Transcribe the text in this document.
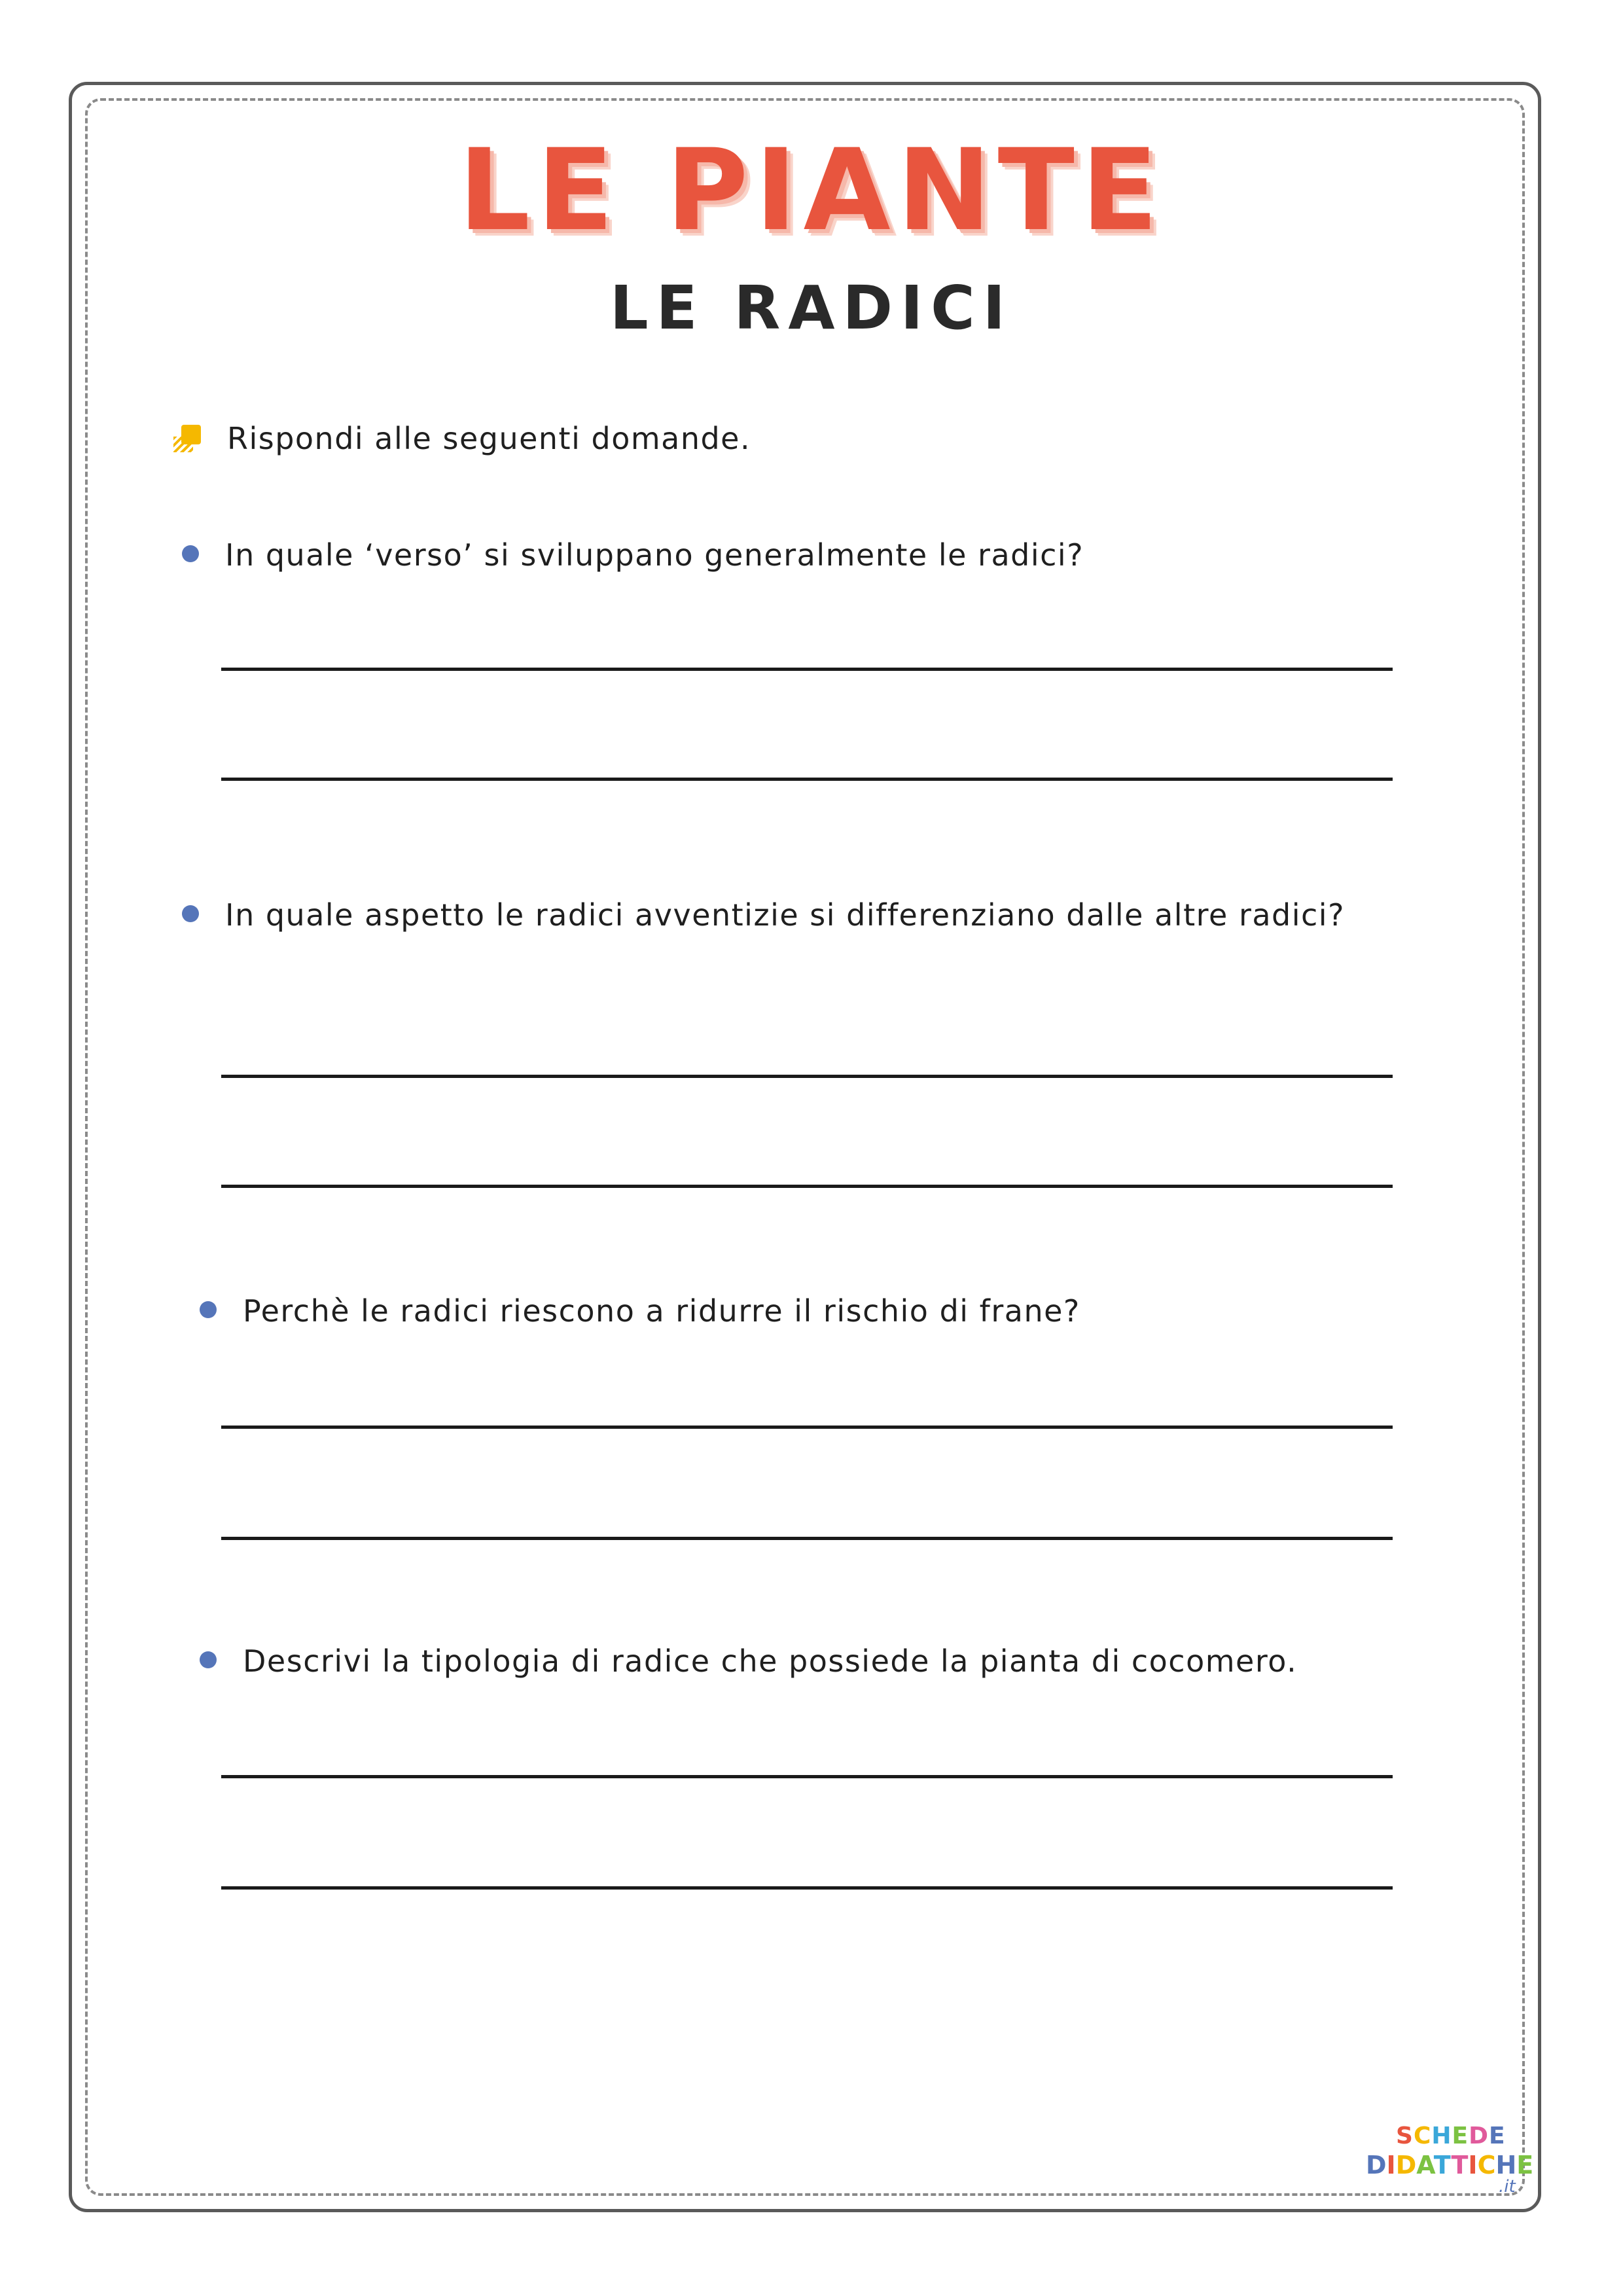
LE PIANTE
LE RADICI
Rispondi alle seguenti domande.
In quale ‘verso’ si sviluppano generalmente le radici?
In quale aspetto le radici avventizie si differenziano dalle altre radici?
Perchè le radici riescono a ridurre il rischio di frane?
Descrivi la tipologia di radice che possiede la pianta di cocomero.
SCHEDE
DIDATTICHE
.it
